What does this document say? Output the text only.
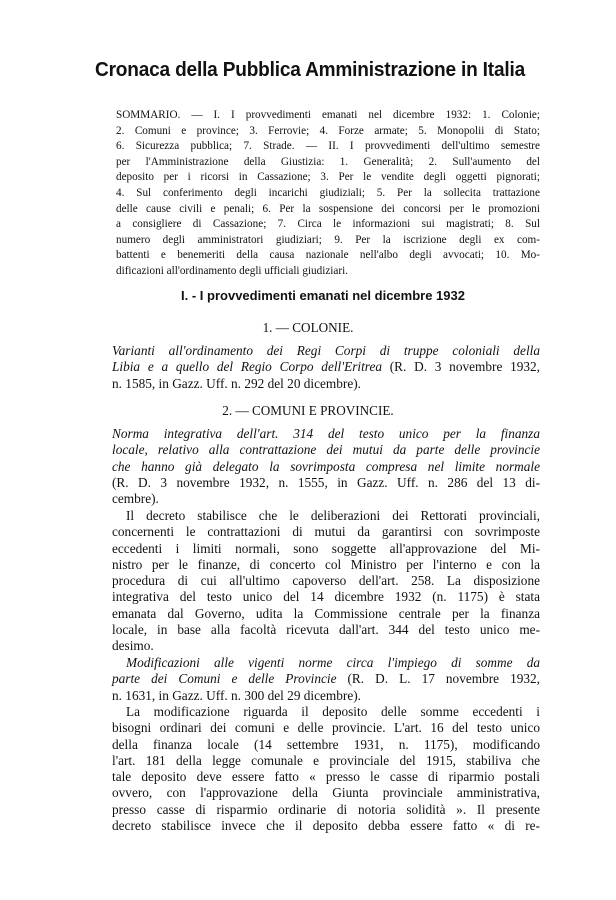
Cronaca della Pubblica Amministrazione in Italia
SOMMARIO. — I. I provvedimenti emanati nel dicembre 1932: 1. Colonie;
2. Comuni e province; 3. Ferrovie; 4. Forze armate; 5. Monopolii di Stato;
6. Sicurezza pubblica; 7. Strade. — II. I provvedimenti dell'ultimo semestre
per l'Amministrazione della Giustizia: 1. Generalità; 2. Sull'aumento del
deposito per i ricorsi in Cassazione; 3. Per le vendite degli oggetti pignorati;
4. Sul conferimento degli incarichi giudiziali; 5. Per la sollecita trattazione
delle cause civili e penali; 6. Per la sospensione dei concorsi per le promozioni
a consigliere di Cassazione; 7. Circa le informazioni sui magistrati; 8. Sul
numero degli amministratori giudiziari; 9. Per la iscrizione degli ex com-
battenti e benemeriti della causa nazionale nell'albo degli avvocati; 10. Mo-
dificazioni all'ordinamento degli ufficiali giudiziari.
I. - I provvedimenti emanati nel dicembre 1932
1. — COLONIE.
Varianti all'ordinamento dei Regi Corpi di truppe coloniali della
Libia e a quello del Regio Corpo dell'Eritrea (R. D. 3 novembre 1932,
n. 1585, in Gazz. Uff. n. 292 del 20 dicembre).
2. — COMUNI E PROVINCIE.
Norma integrativa dell'art. 314 del testo unico per la finanza
locale, relativo alla contrattazione dei mutui da parte delle provincie
che hanno già delegato la sovrimposta compresa nel limite normale
(R. D. 3 novembre 1932, n. 1555, in Gazz. Uff. n. 286 del 13 di-
cembre).
Il decreto stabilisce che le deliberazioni dei Rettorati provinciali,
concernenti le contrattazioni di mutui da garantirsi con sovrimposte
eccedenti i limiti normali, sono soggette all'approvazione del Mi-
nistro per le finanze, di concerto col Ministro per l'interno e con la
procedura di cui all'ultimo capoverso dell'art. 258. La disposizione
integrativa del testo unico del 14 dicembre 1932 (n. 1175) è stata
emanata dal Governo, udita la Commissione centrale per la finanza
locale, in base alla facoltà ricevuta dall'art. 344 del testo unico me-
desimo.
Modificazioni alle vigenti norme circa l'impiego di somme da
parte dei Comuni e delle Provincie (R. D. L. 17 novembre 1932,
n. 1631, in Gazz. Uff. n. 300 del 29 dicembre).
La modificazione riguarda il deposito delle somme eccedenti i
bisogni ordinari dei comuni e delle provincie. L'art. 16 del testo unico
della finanza locale (14 settembre 1931, n. 1175), modificando
l'art. 181 della legge comunale e provinciale del 1915, stabiliva che
tale deposito deve essere fatto « presso le casse di riparmio postali
ovvero, con l'approvazione della Giunta provinciale amministrativa,
presso casse di risparmio ordinarie di notoria solidità ». Il presente
decreto stabilisce invece che il deposito debba essere fatto « di re-
